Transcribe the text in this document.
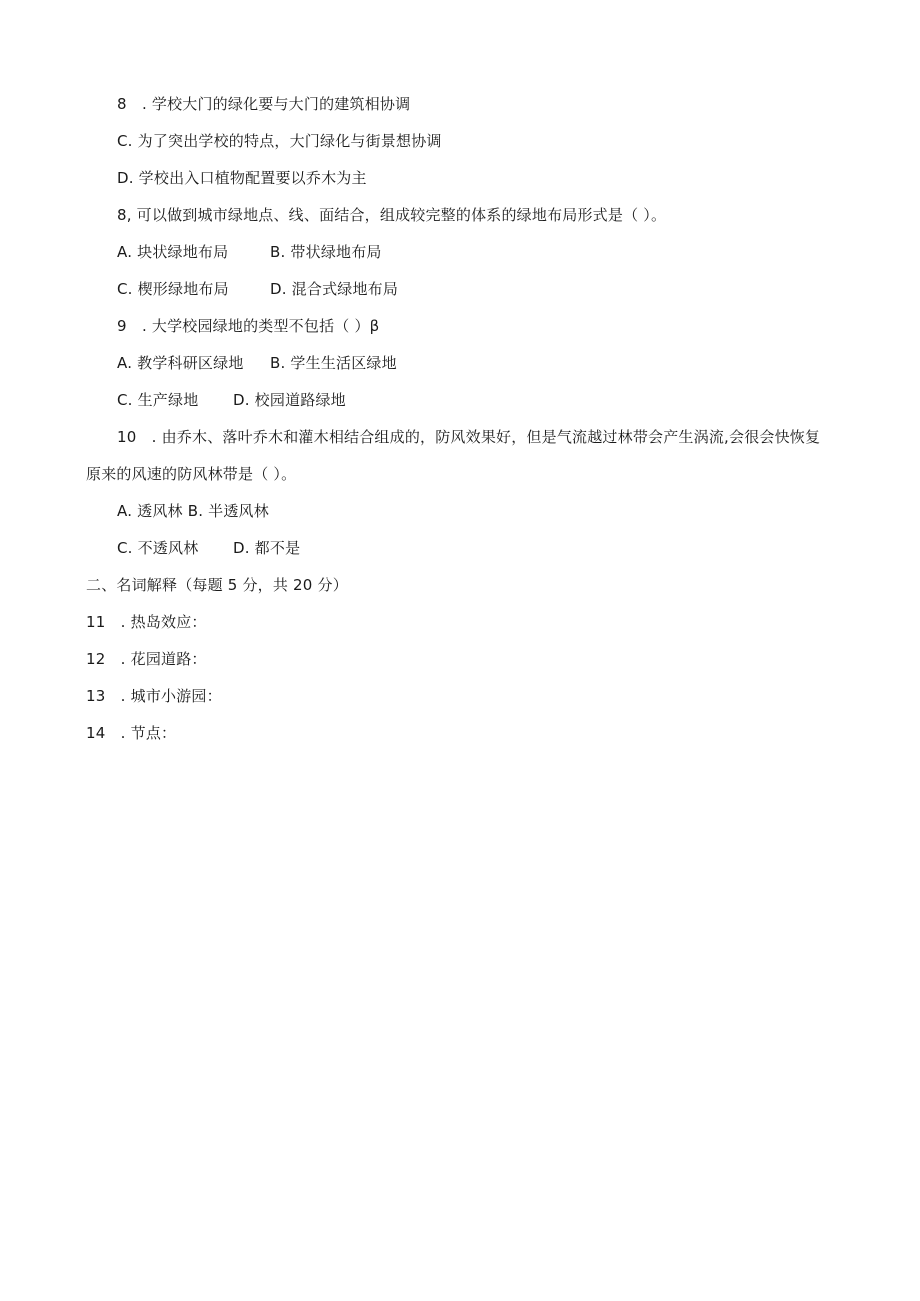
8　. 学校大门的绿化要与大门的建筑相协调
C. 为了突出学校的特点，大门绿化与街景想协调
D. 学校出入口植物配置要以乔木为主
8, 可以做到城市绿地点、线、面结合，组成较完整的体系的绿地布局形式是（ ）。
A. 块状绿地布局	B. 带状绿地布局
C. 楔形绿地布局	D. 混合式绿地布局
9　. 大学校园绿地的类型不包括（ ）β
A. 教学科研区绿地 B. 学生生活区绿地
C. 生产绿地 D. 校园道路绿地
10　. 由乔木、落叶乔木和灌木相结合组成的，防风效果好，但是气流越过林带会产生涡流,会很会快恢复
原来的风速的防风林带是（ ）。
A. 透风林 B. 半透风林
C. 不透风林 D. 都不是
二、名词解释（每题 5 分，共 20 分）
11　. 热岛效应：
12　. 花园道路：
13　. 城市小游园：
14　. 节点：
